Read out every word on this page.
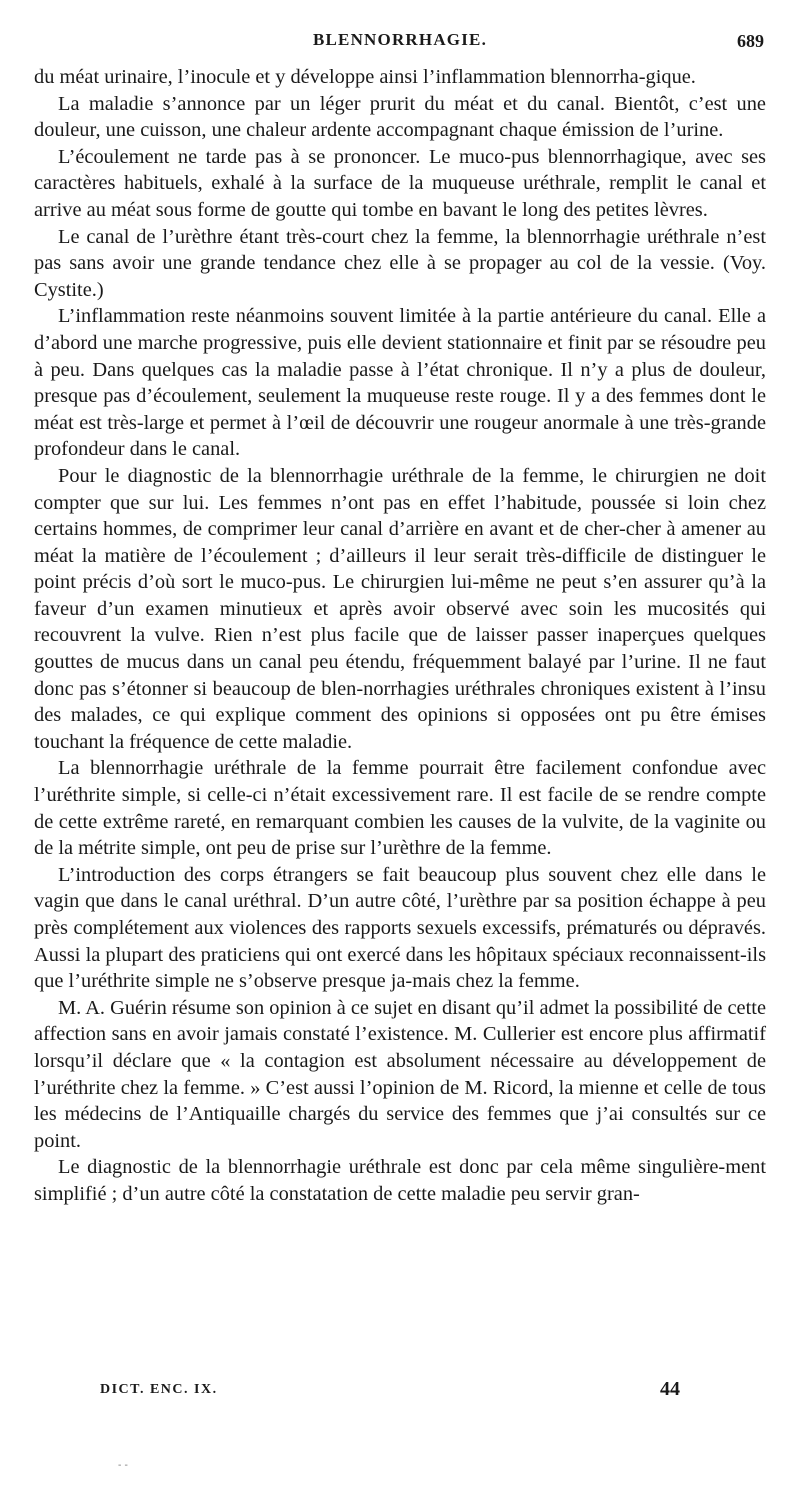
BLENNORRHAGIE.	689

du méat urinaire, l’inocule et y développe ainsi l’inflammation blennorrha-gique.

La maladie s’annonce par un léger prurit du méat et du canal. Bientôt, c’est une douleur, une cuisson, une chaleur ardente accompagnant chaque émission de l’urine.

L’écoulement ne tarde pas à se prononcer. Le muco-pus blennorrhagique, avec ses caractères habituels, exhalé à la surface de la muqueuse uréthrale, remplit le canal et arrive au méat sous forme de goutte qui tombe en bavant le long des petites lèvres.

Le canal de l’urèthre étant très-court chez la femme, la blennorrhagie uréthrale n’est pas sans avoir une grande tendance chez elle à se propager au col de la vessie. (Voy. Cystite.)

L’inflammation reste néanmoins souvent limitée à la partie antérieure du canal. Elle a d’abord une marche progressive, puis elle devient stationnaire et finit par se résoudre peu à peu. Dans quelques cas la maladie passe à l’état chronique. Il n’y a plus de douleur, presque pas d’écoulement, seulement la muqueuse reste rouge. Il y a des femmes dont le méat est très-large et permet à l’œil de découvrir une rougeur anormale à une très-grande profondeur dans le canal.

Pour le diagnostic de la blennorrhagie uréthrale de la femme, le chirurgien ne doit compter que sur lui. Les femmes n’ont pas en effet l’habitude, poussée si loin chez certains hommes, de comprimer leur canal d’arrière en avant et de cher-cher à amener au méat la matière de l’écoulement ; d’ailleurs il leur serait très-difficile de distinguer le point précis d’où sort le muco-pus. Le chirurgien lui-même ne peut s’en assurer qu’à la faveur d’un examen minutieux et après avoir observé avec soin les mucosités qui recouvrent la vulve. Rien n’est plus facile que de laisser passer inaperçues quelques gouttes de mucus dans un canal peu étendu, fréquemment balayé par l’urine. Il ne faut donc pas s’étonner si beaucoup de blen-norrhagies uréthrales chroniques existent à l’insu des malades, ce qui explique comment des opinions si opposées ont pu être émises touchant la fréquence de cette maladie.

La blennorrhagie uréthrale de la femme pourrait être facilement confondue avec l’uréthrite simple, si celle-ci n’était excessivement rare. Il est facile de se rendre compte de cette extrême rareté, en remarquant combien les causes de la vulvite, de la vaginite ou de la métrite simple, ont peu de prise sur l’urèthre de la femme.

L’introduction des corps étrangers se fait beaucoup plus souvent chez elle dans le vagin que dans le canal uréthral. D’un autre côté, l’urèthre par sa position échappe à peu près complétement aux violences des rapports sexuels excessifs, prématurés ou dépravés. Aussi la plupart des praticiens qui ont exercé dans les hôpitaux spéciaux reconnaissent-ils que l’uréthrite simple ne s’observe presque ja-mais chez la femme.

M. A. Guérin résume son opinion à ce sujet en disant qu’il admet la possibilité de cette affection sans en avoir jamais constaté l’existence. M. Cullerier est encore plus affirmatif lorsqu’il déclare que « la contagion est absolument nécessaire au développement de l’uréthrite chez la femme. » C’est aussi l’opinion de M. Ricord, la mienne et celle de tous les médecins de l’Antiquaille chargés du service des femmes que j’ai consultés sur ce point.

Le diagnostic de la blennorrhagie uréthrale est donc par cela même singulière-ment simplifié ; d’un autre côté la constatation de cette maladie peu servir gran-

DICT. ENC. IX.	44
- -
